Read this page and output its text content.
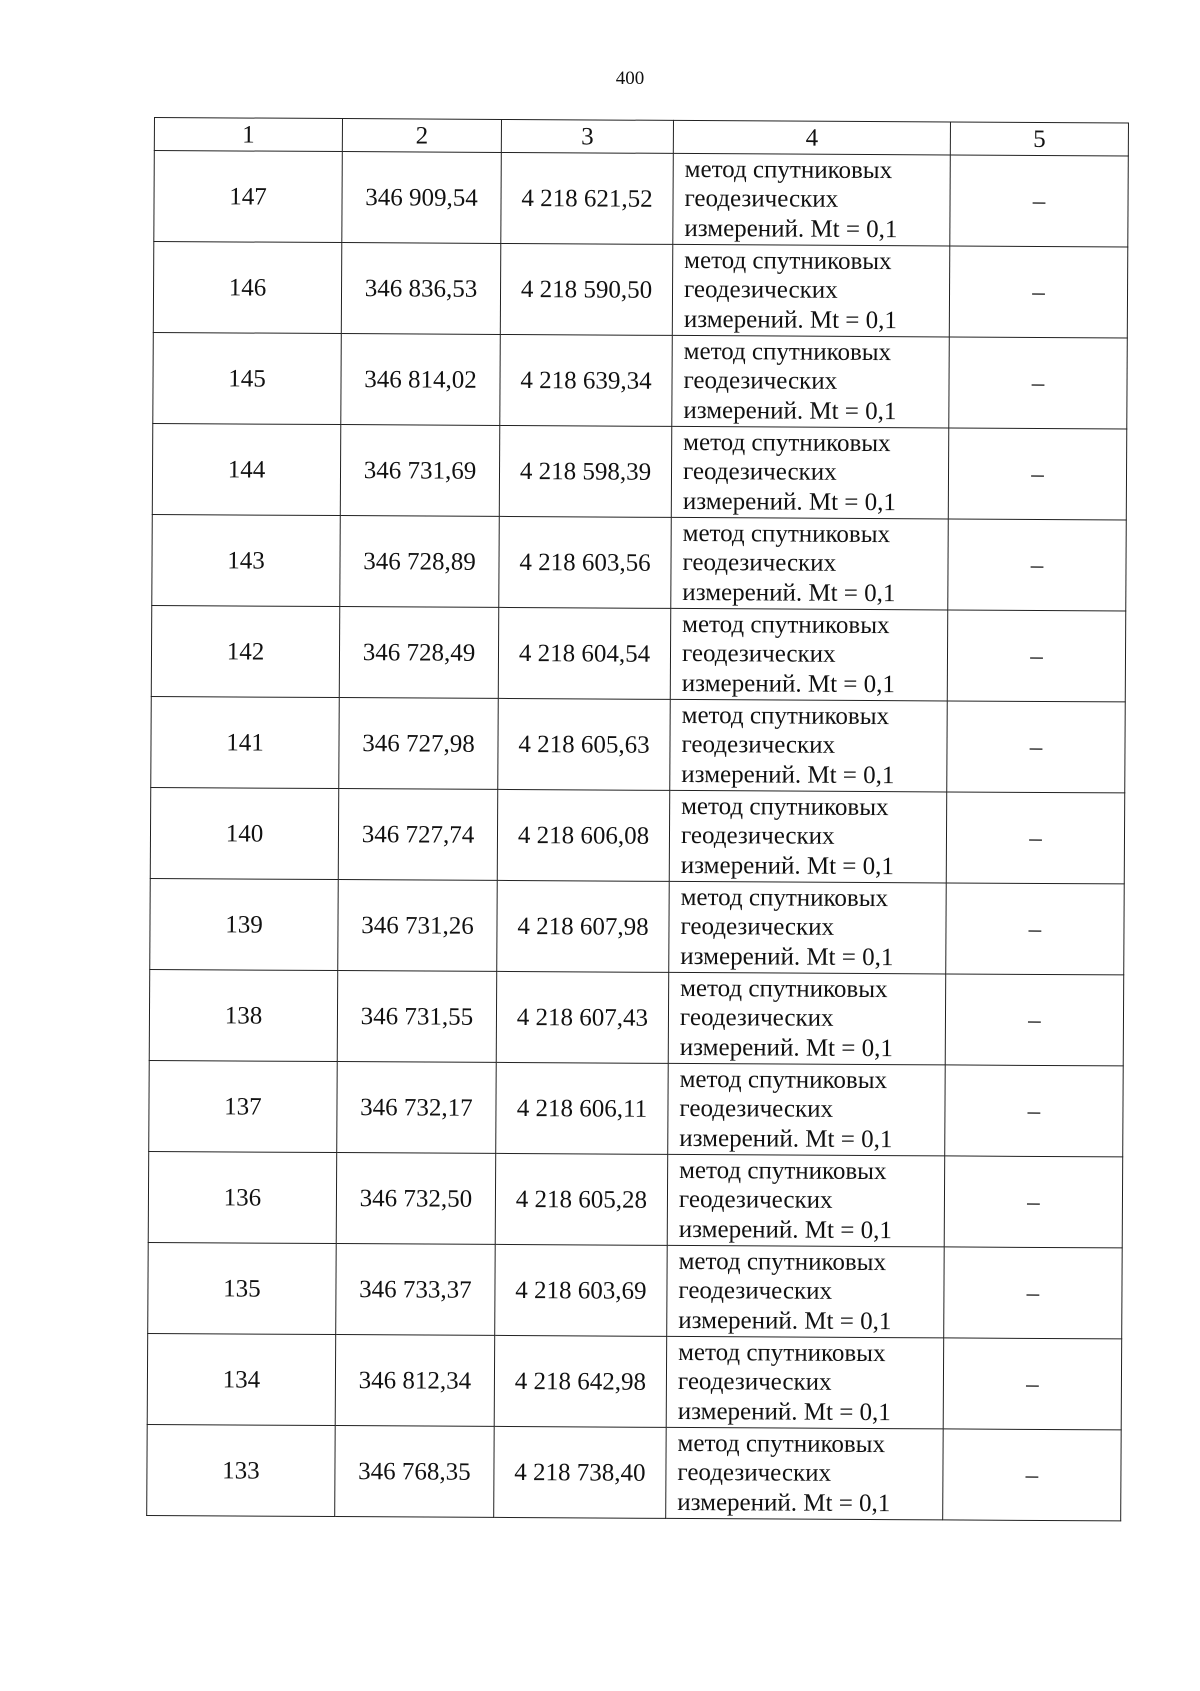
400
1	2	3	4	5
147	346 909,54	4 218 621,52	метод спутниковых
геодезических
измерений. Mt = 0,1	–
146	346 836,53	4 218 590,50	метод спутниковых
геодезических
измерений. Mt = 0,1	–
145	346 814,02	4 218 639,34	метод спутниковых
геодезических
измерений. Mt = 0,1	–
144	346 731,69	4 218 598,39	метод спутниковых
геодезических
измерений. Mt = 0,1	–
143	346 728,89	4 218 603,56	метод спутниковых
геодезических
измерений. Mt = 0,1	–
142	346 728,49	4 218 604,54	метод спутниковых
геодезических
измерений. Mt = 0,1	–
141	346 727,98	4 218 605,63	метод спутниковых
геодезических
измерений. Mt = 0,1	–
140	346 727,74	4 218 606,08	метод спутниковых
геодезических
измерений. Mt = 0,1	–
139	346 731,26	4 218 607,98	метод спутниковых
геодезических
измерений. Mt = 0,1	–
138	346 731,55	4 218 607,43	метод спутниковых
геодезических
измерений. Mt = 0,1	–
137	346 732,17	4 218 606,11	метод спутниковых
геодезических
измерений. Mt = 0,1	–
136	346 732,50	4 218 605,28	метод спутниковых
геодезических
измерений. Mt = 0,1	–
135	346 733,37	4 218 603,69	метод спутниковых
геодезических
измерений. Mt = 0,1	–
134	346 812,34	4 218 642,98	метод спутниковых
геодезических
измерений. Mt = 0,1	–
133	346 768,35	4 218 738,40	метод спутниковых
геодезических
измерений. Mt = 0,1	–
